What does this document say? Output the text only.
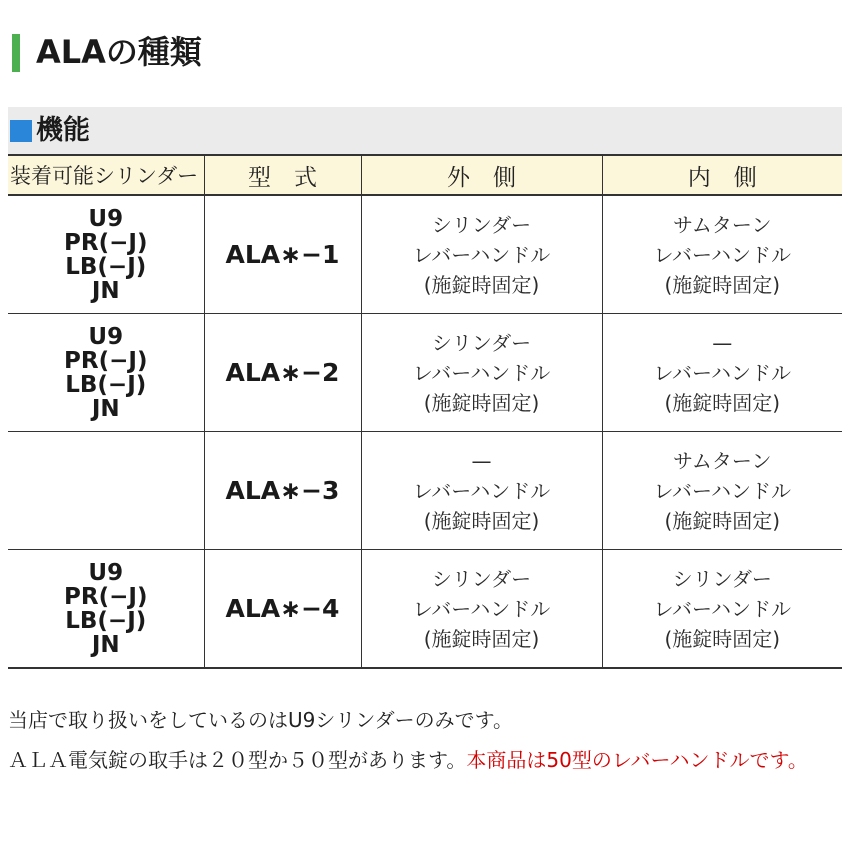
ALAの種類
機能
装着可能シリンダー	型　式	外　側	内　側

U9
PR(−J)
LB(−J)
JN	ALA∗−1	シリンダー
レバーハンドル
(施錠時固定)	サムターン
レバーハンドル
(施錠時固定)

U9
PR(−J)
LB(−J)
JN	ALA∗−2	シリンダー
レバーハンドル
(施錠時固定)	—
レバーハンドル
(施錠時固定)

	ALA∗−3	—
レバーハンドル
(施錠時固定)	サムターン
レバーハンドル
(施錠時固定)

U9
PR(−J)
LB(−J)
JN	ALA∗−4	シリンダー
レバーハンドル
(施錠時固定)	シリンダー
レバーハンドル
(施錠時固定)
当店で取り扱いをしているのはU9シリンダーのみです。
ＡＬＡ電気錠の取手は２０型か５０型があります。本商品は50型のレバーハンドルです。
